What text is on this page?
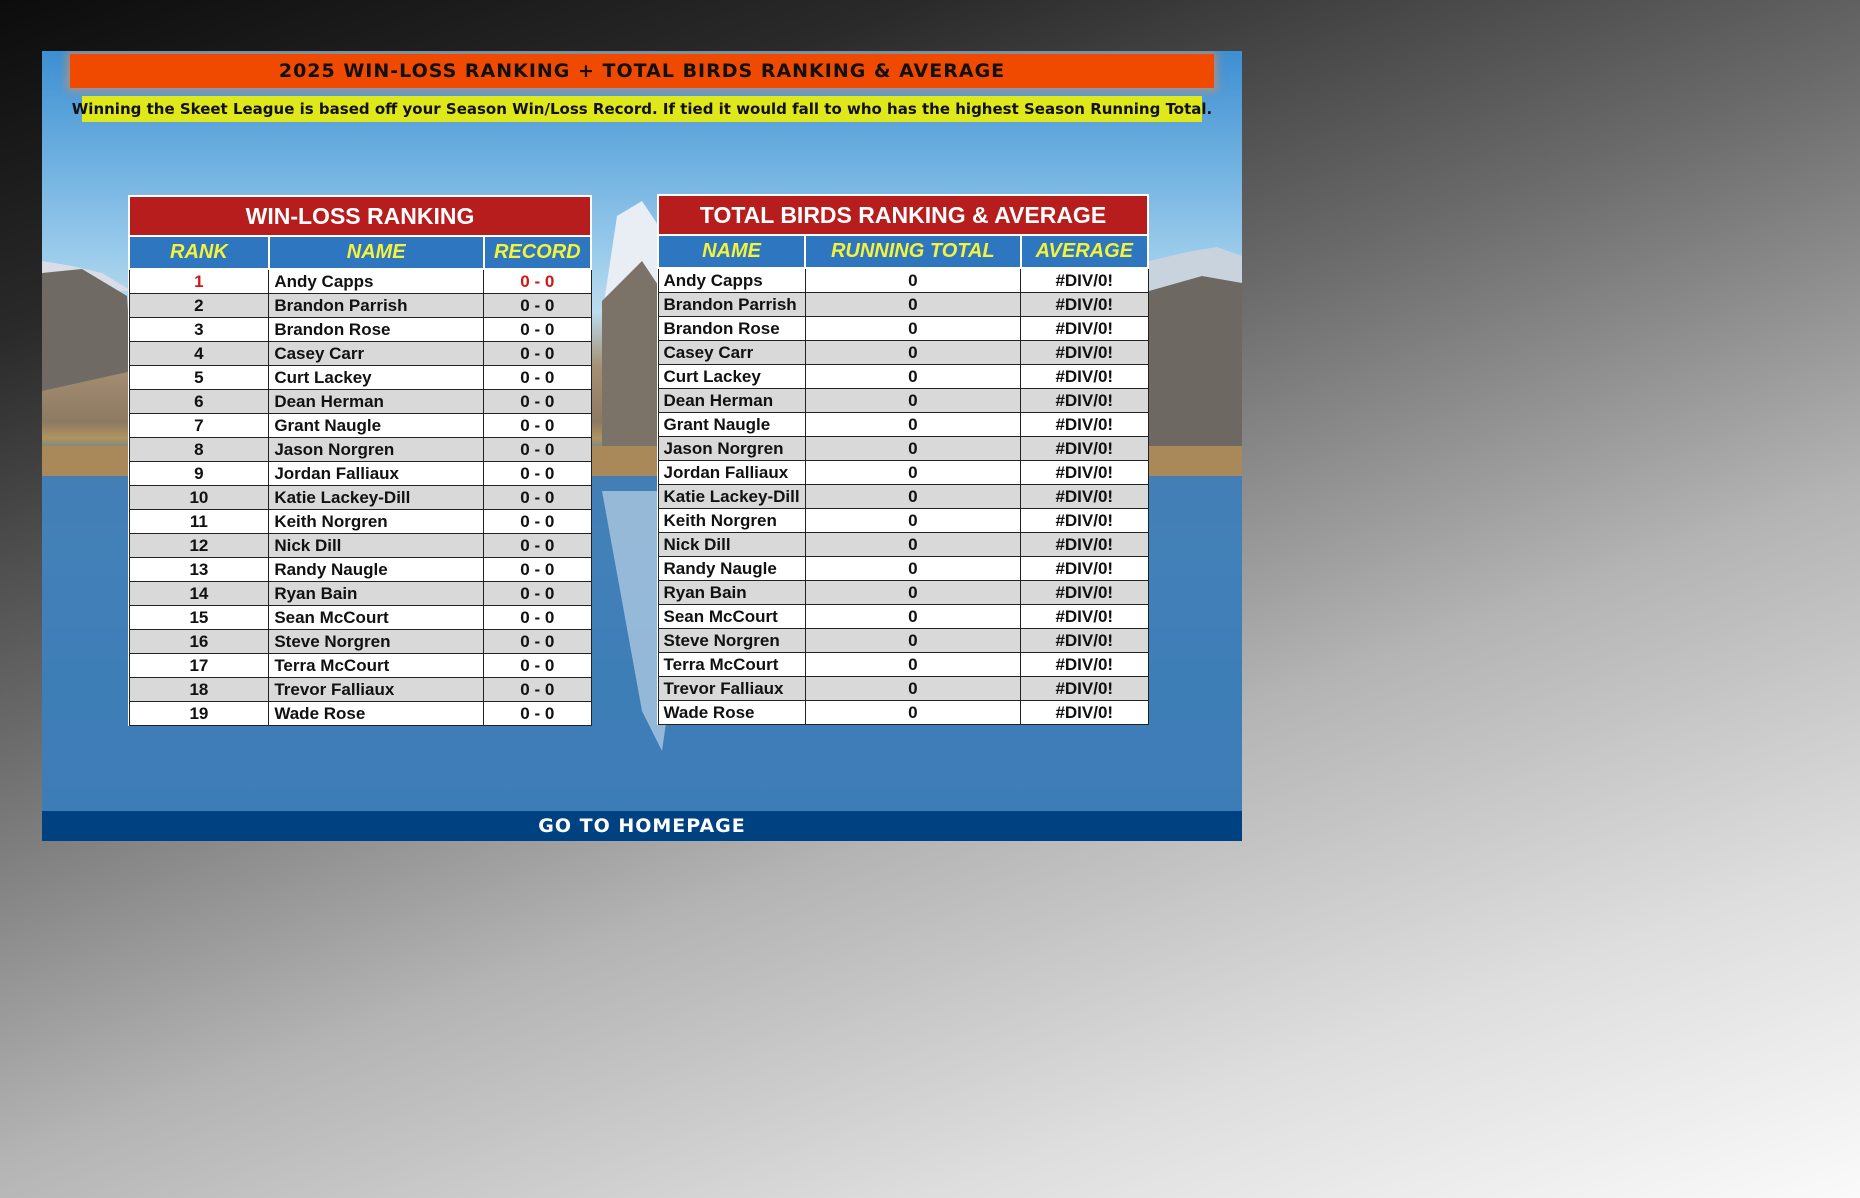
2025 WIN-LOSS RANKING + TOTAL BIRDS RANKING & AVERAGE
Winning the Skeet League is based off your Season Win/Loss Record. If tied it would fall to who has the highest Season Running Total.
WIN-LOSS RANKING		
RANK	NAME	RECORD
1	Andy Capps	0 - 0
2	Brandon Parrish	0 - 0
3	Brandon Rose	0 - 0
4	Casey Carr	0 - 0
5	Curt Lackey	0 - 0
6	Dean Herman	0 - 0
7	Grant Naugle	0 - 0
8	Jason Norgren	0 - 0
9	Jordan Falliaux	0 - 0
10	Katie Lackey-Dill	0 - 0
11	Keith Norgren	0 - 0
12	Nick Dill	0 - 0
13	Randy Naugle	0 - 0
14	Ryan Bain	0 - 0
15	Sean McCourt	0 - 0
16	Steve Norgren	0 - 0
17	Terra McCourt	0 - 0
18	Trevor Falliaux	0 - 0
19	Wade Rose	0 - 0
TOTAL BIRDS RANKING & AVERAGE		
NAME	RUNNING TOTAL	AVERAGE
Andy Capps	0	#DIV/0!
Brandon Parrish	0	#DIV/0!
Brandon Rose	0	#DIV/0!
Casey Carr	0	#DIV/0!
Curt Lackey	0	#DIV/0!
Dean Herman	0	#DIV/0!
Grant Naugle	0	#DIV/0!
Jason Norgren	0	#DIV/0!
Jordan Falliaux	0	#DIV/0!
Katie Lackey-Dill	0	#DIV/0!
Keith Norgren	0	#DIV/0!
Nick Dill	0	#DIV/0!
Randy Naugle	0	#DIV/0!
Ryan Bain	0	#DIV/0!
Sean McCourt	0	#DIV/0!
Steve Norgren	0	#DIV/0!
Terra McCourt	0	#DIV/0!
Trevor Falliaux	0	#DIV/0!
Wade Rose	0	#DIV/0!
GO TO HOMEPAGE
